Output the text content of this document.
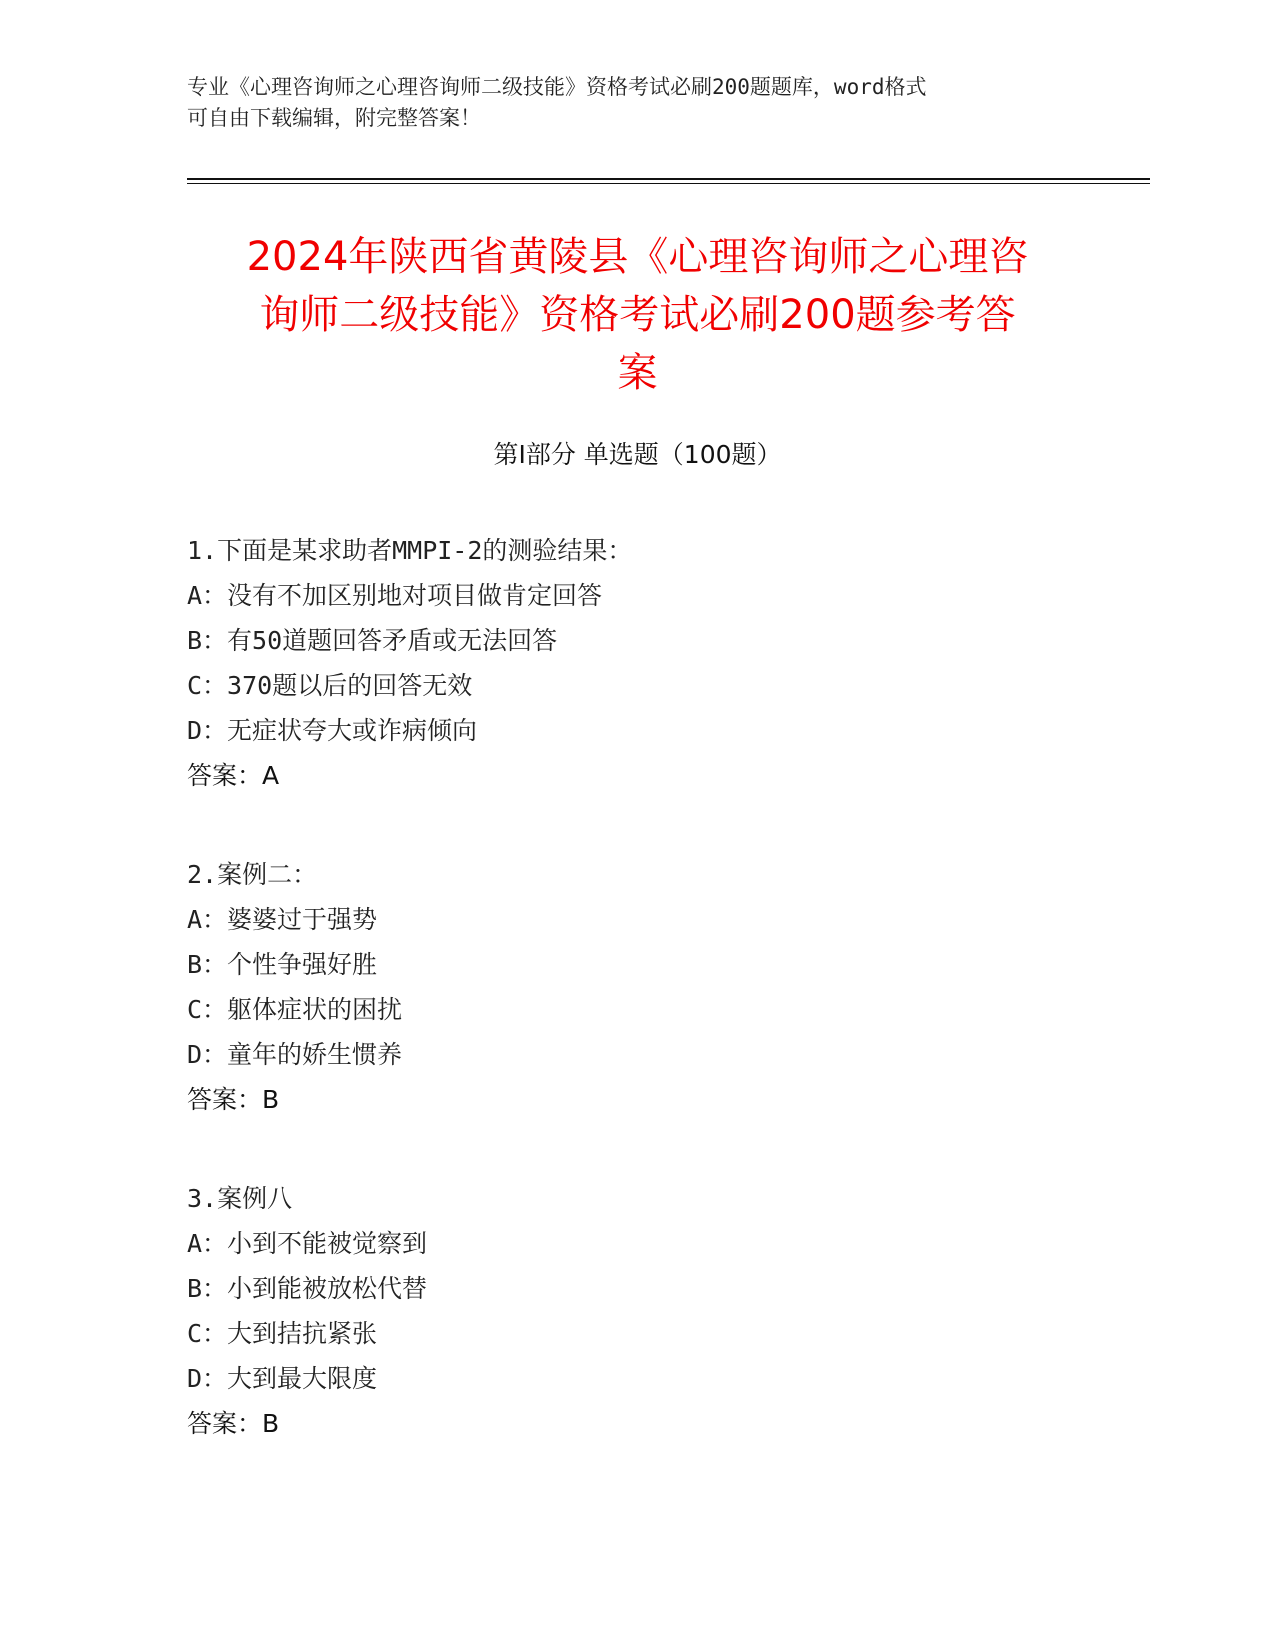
专业《心理咨询师之心理咨询师二级技能》资格考试必刷200题题库，word格式
可自由下载编辑，附完整答案！
2024年陕西省黄陵县《心理咨询师之心理咨
询师二级技能》资格考试必刷200题参考答
案
第Ⅰ部分 单选题（100题）
1.下面是某求助者MMPI-2的测验结果：
A：没有不加区别地对项目做肯定回答
B：有50道题回答矛盾或无法回答
C：370题以后的回答无效
D：无症状夸大或诈病倾向
答案：A
2.案例二：
A：婆婆过于强势
B：个性争强好胜
C：躯体症状的困扰
D：童年的娇生惯养
答案：B
3.案例八
A：小到不能被觉察到
B：小到能被放松代替
C：大到拮抗紧张
D：大到最大限度
答案：B
